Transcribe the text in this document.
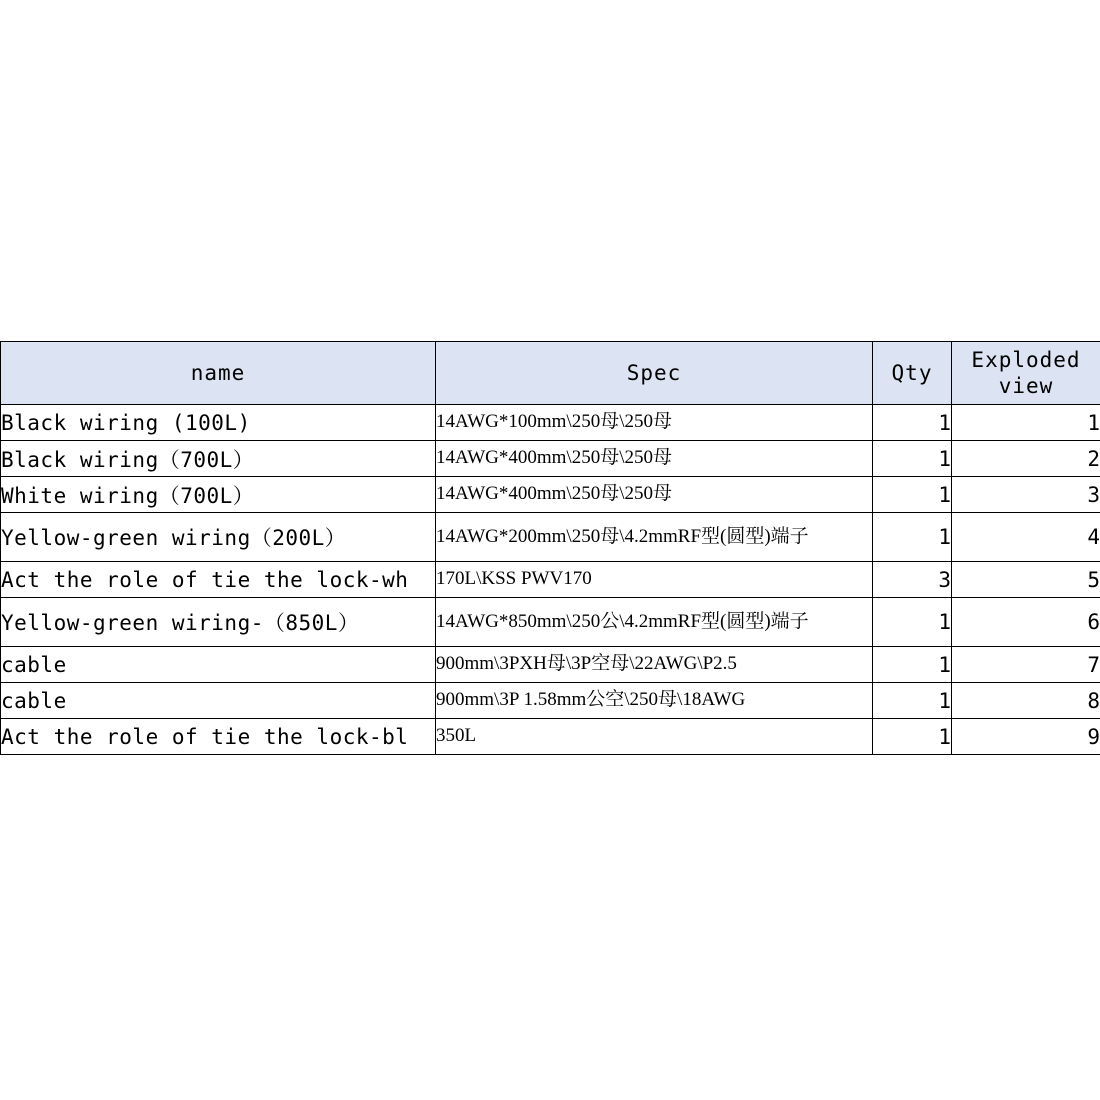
name	Spec	Qty	Exploded view
Black wiring (100L)	14AWG*100mm\250母\250母	1	1
Black wiring（700L）	14AWG*400mm\250母\250母	1	2
White wiring（700L）	14AWG*400mm\250母\250母	1	3
Yellow-green wiring（200L）	14AWG*200mm\250母\4.2mmRF型(圆型)端子	1	4
Act the role of tie the lock-wh	170L\KSS PWV170	3	5
Yellow-green wiring-（850L）	14AWG*850mm\250公\4.2mmRF型(圆型)端子	1	6
cable	900mm\3PXH母\3P空母\22AWG\P2.5	1	7
cable	900mm\3P 1.58mm公空\250母\18AWG	1	8
Act the role of tie the lock-bl	350L	1	9
